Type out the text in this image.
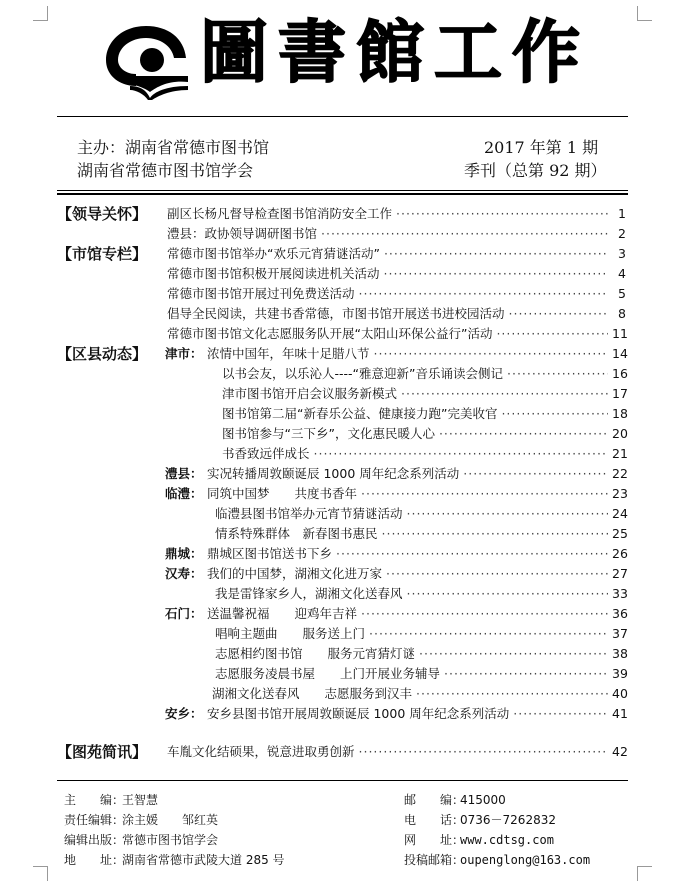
圖書館工作
主办：湖南省常德市图书馆
湖南省常德市图书馆学会
2017 年第 1 期
季刊（总第 92 期）
【领导关怀】 副区长杨凡督导检查图书馆消防安全工作 ·····	1
澧县：政协领导调研图书馆 ·····	2
【市馆专栏】 常德市图书馆举办“欢乐元宵猜谜活动” ·····	3
常德市图书馆积极开展阅读进机关活动 ·····	4
常德市图书馆开展过刊免费送活动 ·····	5
倡导全民阅读，共建书香常德，市图书馆开展送书进校园活动 ·····	8
常德市图书馆文化志愿服务队开展“太阳山环保公益行”活动 ·····	11
【区县动态】 津市： 浓情中国年，年味十足腊八节 ·····	14
以书会友，以乐沁人----“雅意迎新”音乐诵读会侧记 ·····	16
津市图书馆开启会议服务新模式 ·····	17
图书馆第二届“新春乐公益、健康接力跑”完美收官 ·····	18
图书馆参与“三下乡”，文化惠民暖人心 ·····	20
书香致远伴成长 ·····	21
澧县： 实况转播周敦颐诞辰 1000 周年纪念系列活动 ·····	22
临澧： 同筑中国梦　　共度书香年 ·····	23
临澧县图书馆举办元宵节猜谜活动 ·····	24
情系特殊群体　新春图书惠民 ·····	25
鼎城： 鼎城区图书馆送书下乡 ·····	26
汉寿： 我们的中国梦，湖湘文化进万家 ·····	27
我是雷锋家乡人，湖湘文化送春风 ·····	33
石门： 送温馨祝福　　迎鸡年吉祥 ·····	36
唱响主题曲　　服务送上门 ·····	37
志愿相约图书馆　　服务元宵猜灯谜 ·····	38
志愿服务凌晨书屋　　上门开展业务辅导 ·····	39
湖湘文化送春风　　志愿服务到汉丰 ·····	40
安乡： 安乡县图书馆开展周敦颐诞辰 1000 周年纪念系列活动 ·····	41
【图苑简讯】 车胤文化结硕果，锐意进取勇创新 ·····	42
主　　编：王智慧
责任编辑：涂主媛　　邹红英
编辑出版：常德市图书馆学会
地　　址：湖南省常德市武陵大道 285 号
邮　　编：415000
电　　话：0736－7262832
网　　址：www.cdtsg.com
投稿邮箱：oupenglong@163.com
